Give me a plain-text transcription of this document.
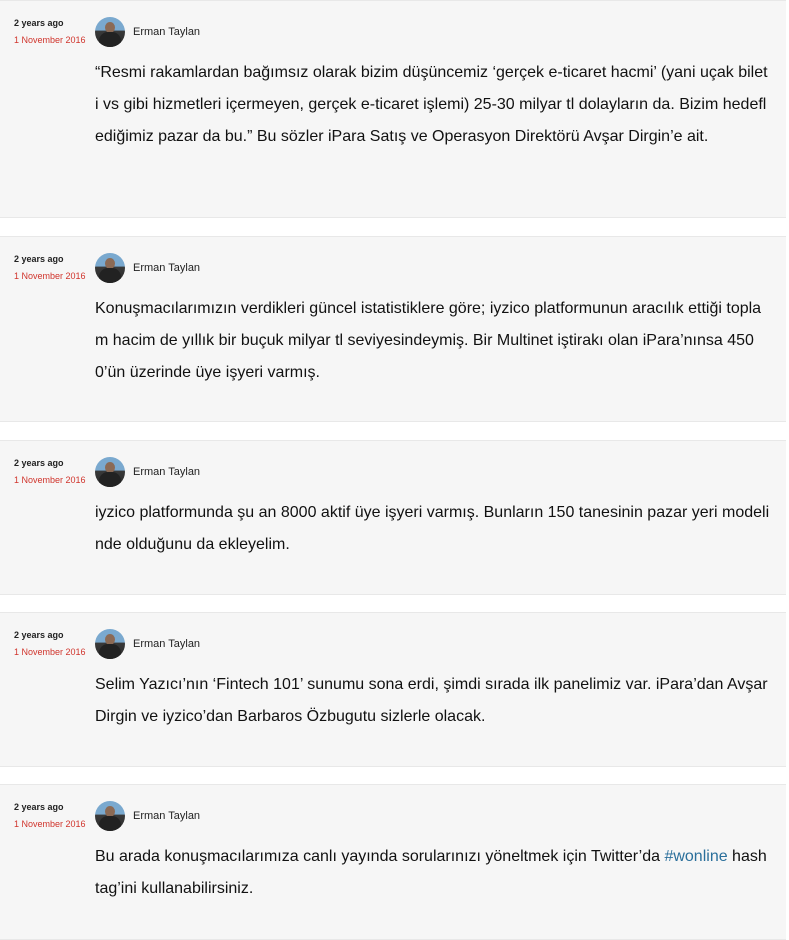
2 years ago
1 November 2016
Erman Taylan
“Resmi rakamlardan bağımsız olarak bizim düşüncemiz ‘gerçek e-ticaret hacmi’ (yani uçak bileti vs gibi hizmetleri içermeyen, gerçek e-ticaret işlemi) 25-30 milyar tl dolayların da. Bizim hedeflediğimiz pazar da bu.” Bu sözler iPara Satış ve Operasyon Direktörü Avşar Dirgin’e ait.
2 years ago
1 November 2016
Erman Taylan
Konuşmacılarımızın verdikleri güncel istatistiklere göre; iyzico platformunun aracılık ettiği toplam hacim de yıllık bir buçuk milyar tl seviyesindeymiş. Bir Multinet iştirakı olan iPara’nınsa 4500’ün üzerinde üye işyeri varmış.
2 years ago
1 November 2016
Erman Taylan
iyzico platformunda şu an 8000 aktif üye işyeri varmış. Bunların 150 tanesinin pazar yeri modelinde olduğunu da ekleyelim.
2 years ago
1 November 2016
Erman Taylan
Selim Yazıcı’nın ‘Fintech 101’ sunumu sona erdi, şimdi sırada ilk panelimiz var. iPara’dan Avşar Dirgin ve iyzico’dan Barbaros Özbugutu sizlerle olacak.
2 years ago
1 November 2016
Erman Taylan
Bu arada konuşmacılarımıza canlı yayında sorularınızı yöneltmek için Twitter’da #wonline hashtag’ini kullanabilirsiniz.
